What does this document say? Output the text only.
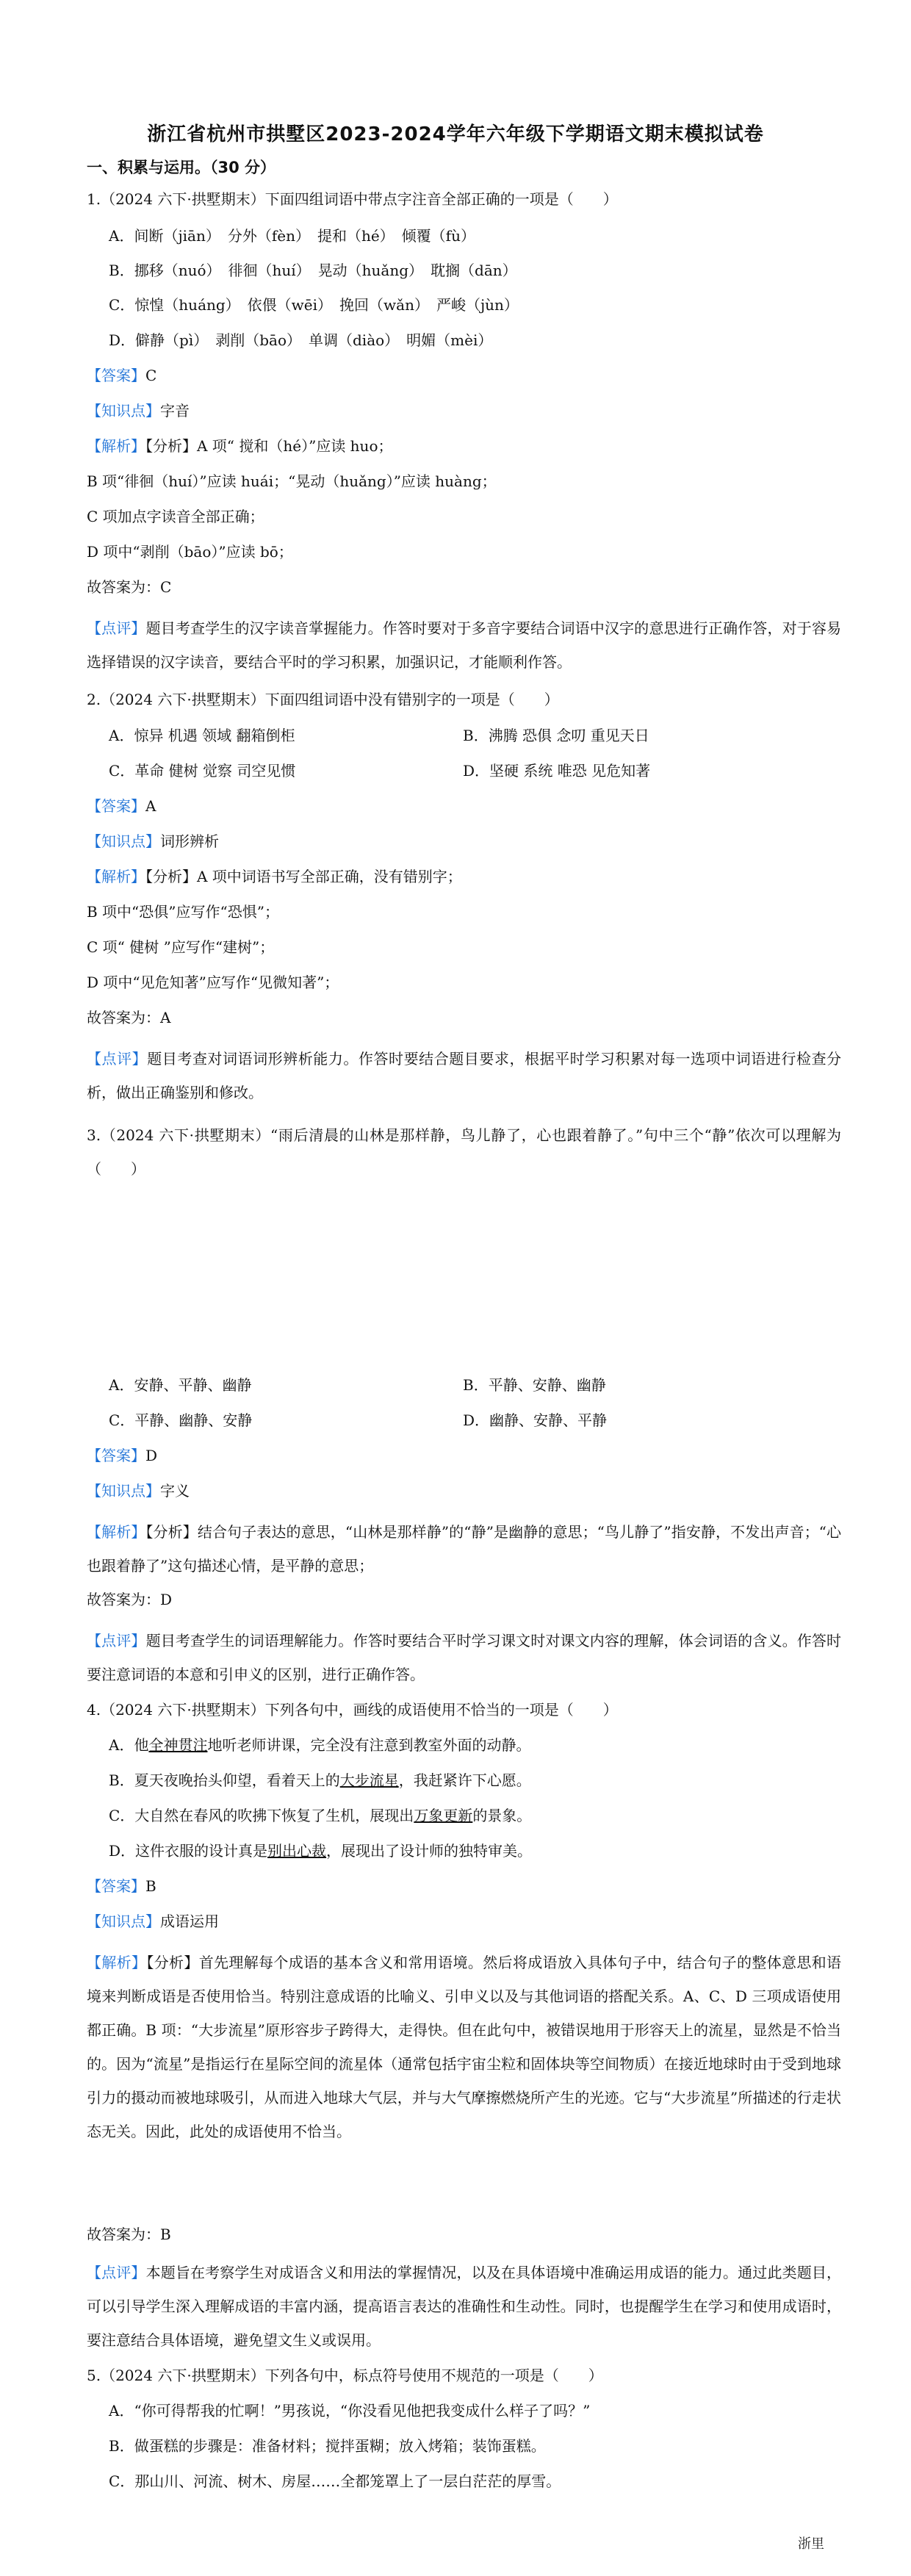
浙江省杭州市拱墅区2023-2024学年六年级下学期语文期末模拟试卷
一、积累与运用。（30 分）
1.（2024 六下·拱墅期末）下面四组词语中带点字注音全部正确的一项是（　　）
A．间断（jiān）　分外（fèn）　提和（hé）　倾覆（fù）
B．挪移（nuó）　徘徊（huí）　晃动（huǎng）　耽搁（dān）
C．惊惶（huáng）　依偎（wēi）　挽回（wǎn）　严峻（jùn）
D．僻静（pì）　剥削（bāo）　单调（diào）　明媚（mèi）
【答案】C
【知识点】字音
【解析】【分析】A 项“ 搅和（hé）”应读 huo；
B 项“徘徊（huí）”应读 huái；“晃动（huǎng）”应读 huàng；
C 项加点字读音全部正确；
D 项中“剥削（bāo）”应读 bō；
故答案为：C
【点评】题目考查学生的汉字读音掌握能力。作答时要对于多音字要结合词语中汉字的意思进行正确作答，对于容易选择错误的汉字读音，要结合平时的学习积累，加强识记，才能顺利作答。
2.（2024 六下·拱墅期末）下面四组词语中没有错别字的一项是（　　）
A．惊异 机遇 领域 翻箱倒柜	B．沸腾 恐俱 念叨 重见天日
C．革命 健树 觉察 司空见惯	D．坚硬 系统 唯恐 见危知著
【答案】A
【知识点】词形辨析
【解析】【分析】A 项中词语书写全部正确，没有错别字；
B 项中“恐俱”应写作“恐惧”；
C 项“ 健树 ”应写作“建树”；
D 项中“见危知著”应写作“见微知著”；
故答案为：A
【点评】题目考查对词语词形辨析能力。作答时要结合题目要求，根据平时学习积累对每一选项中词语进行检查分析，做出正确鉴别和修改。
3.（2024 六下·拱墅期末）“雨后清晨的山林是那样静，鸟儿静了，心也跟着静了。”句中三个“静”依次可以理解为（　　）
A．安静、平静、幽静	B．平静、安静、幽静
C．平静、幽静、安静	D．幽静、安静、平静
【答案】D
【知识点】字义
【解析】【分析】结合句子表达的意思，“山林是那样静”的“静”是幽静的意思；“鸟儿静了”指安静，不发出声音；“心也跟着静了”这句描述心情，是平静的意思；
故答案为：D
【点评】题目考查学生的词语理解能力。作答时要结合平时学习课文时对课文内容的理解，体会词语的含义。作答时要注意词语的本意和引申义的区别，进行正确作答。
4.（2024 六下·拱墅期末）下列各句中，画线的成语使用不恰当的一项是（　　）
A．他全神贯注地听老师讲课，完全没有注意到教室外面的动静。
B．夏天夜晚抬头仰望，看着天上的大步流星，我赶紧许下心愿。
C．大自然在春风的吹拂下恢复了生机，展现出万象更新的景象。
D．这件衣服的设计真是别出心裁，展现出了设计师的独特审美。
【答案】B
【知识点】成语运用
【解析】【分析】首先理解每个成语的基本含义和常用语境。然后将成语放入具体句子中，结合句子的整体意思和语境来判断成语是否使用恰当。特别注意成语的比喻义、引申义以及与其他词语的搭配关系。A、C、D 三项成语使用都正确。B 项：“大步流星”原形容步子跨得大，走得快。但在此句中，被错误地用于形容天上的流星，显然是不恰当的。因为“流星”是指运行在星际空间的流星体（通常包括宇宙尘粒和固体块等空间物质）在接近地球时由于受到地球引力的摄动而被地球吸引，从而进入地球大气层，并与大气摩擦燃烧所产生的光迹。它与“大步流星”所描述的行走状态无关。因此，此处的成语使用不恰当。
故答案为：B
【点评】本题旨在考察学生对成语含义和用法的掌握情况，以及在具体语境中准确运用成语的能力。通过此类题目，可以引导学生深入理解成语的丰富内涵，提高语言表达的准确性和生动性。同时，也提醒学生在学习和使用成语时，要注意结合具体语境，避免望文生义或误用。
5.（2024 六下·拱墅期末）下列各句中，标点符号使用不规范的一项是（　　）
A．“你可得帮我的忙啊！”男孩说，“你没看见他把我变成什么样子了吗？”
B．做蛋糕的步骤是：准备材料；搅拌蛋糊；放入烤箱；装饰蛋糕。
C．那山川、河流、树木、房屋……全都笼罩上了一层白茫茫的厚雪。
浙里
